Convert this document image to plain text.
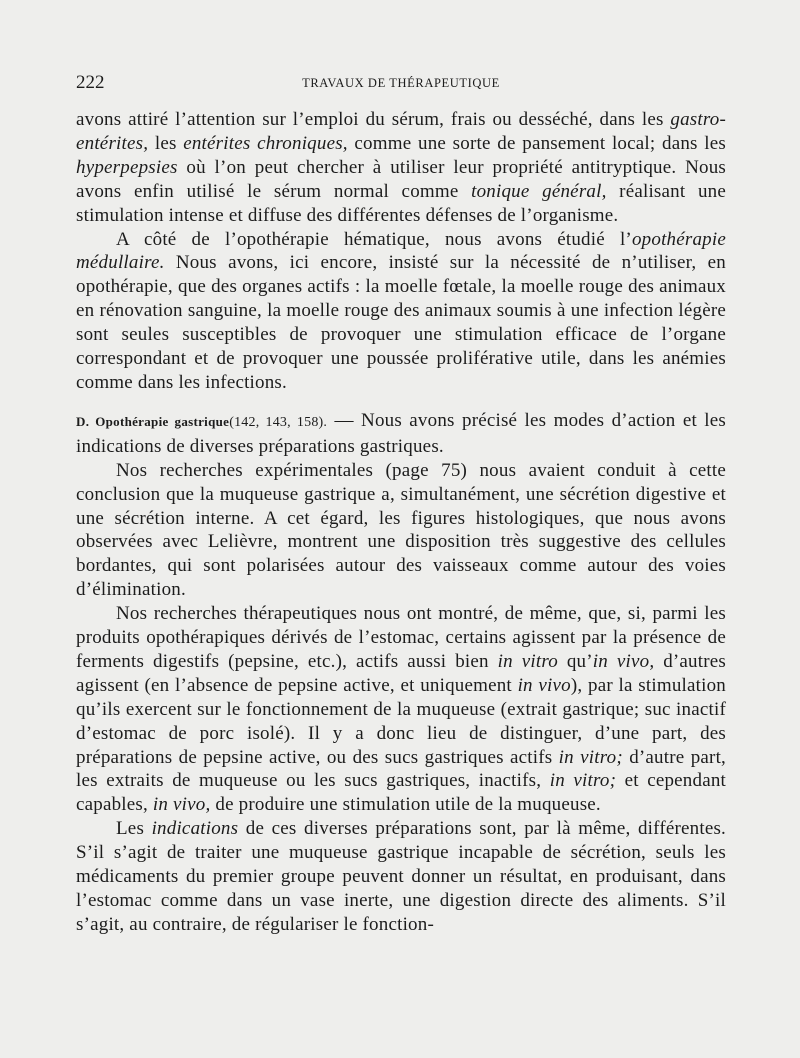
222	TRAVAUX DE THÉRAPEUTIQUE

avons attiré l’attention sur l’emploi du sérum, frais ou desséché, dans les gastro-entérites, les entérites chroniques, comme une sorte de pansement local; dans les hyperpepsies où l’on peut chercher à utiliser leur propriété antitryptique. Nous avons enfin utilisé le sérum normal comme tonique général, réalisant une stimulation intense et diffuse des différentes défenses de l’organisme.

A côté de l’opothérapie hématique, nous avons étudié l’opothérapie médullaire. Nous avons, ici encore, insisté sur la nécessité de n’utiliser, en opothérapie, que des organes actifs : la moelle fœtale, la moelle rouge des animaux en rénovation sanguine, la moelle rouge des animaux soumis à une infection légère sont seules susceptibles de provoquer une stimulation efficace de l’organe correspondant et de provoquer une poussée proliférative utile, dans les anémies comme dans les infections.

D. Opothérapie gastrique(142, 143, 158). — Nous avons précisé les modes d’action et les indications de diverses préparations gastriques.

Nos recherches expérimentales (page 75) nous avaient conduit à cette conclusion que la muqueuse gastrique a, simultanément, une sécrétion digestive et une sécrétion interne. A cet égard, les figures histologiques, que nous avons observées avec Lelièvre, montrent une disposition très suggestive des cellules bordantes, qui sont polarisées autour des vaisseaux comme autour des voies d’élimination.

Nos recherches thérapeutiques nous ont montré, de même, que, si, parmi les produits opothérapiques dérivés de l’estomac, certains agissent par la présence de ferments digestifs (pepsine, etc.), actifs aussi bien in vitro qu’in vivo, d’autres agissent (en l’absence de pepsine active, et uniquement in vivo), par la stimulation qu’ils exercent sur le fonctionnement de la muqueuse (extrait gastrique; suc inactif d’estomac de porc isolé). Il y a donc lieu de distinguer, d’une part, des préparations de pepsine active, ou des sucs gastriques actifs in vitro; d’autre part, les extraits de muqueuse ou les sucs gastriques, inactifs, in vitro; et cependant capables, in vivo, de produire une stimulation utile de la muqueuse.

Les indications de ces diverses préparations sont, par là même, différentes. S’il s’agit de traiter une muqueuse gastrique incapable de sécrétion, seuls les médicaments du premier groupe peuvent donner un résultat, en produisant, dans l’estomac comme dans un vase inerte, une digestion directe des aliments. S’il s’agit, au contraire, de régulariser le fonction-
